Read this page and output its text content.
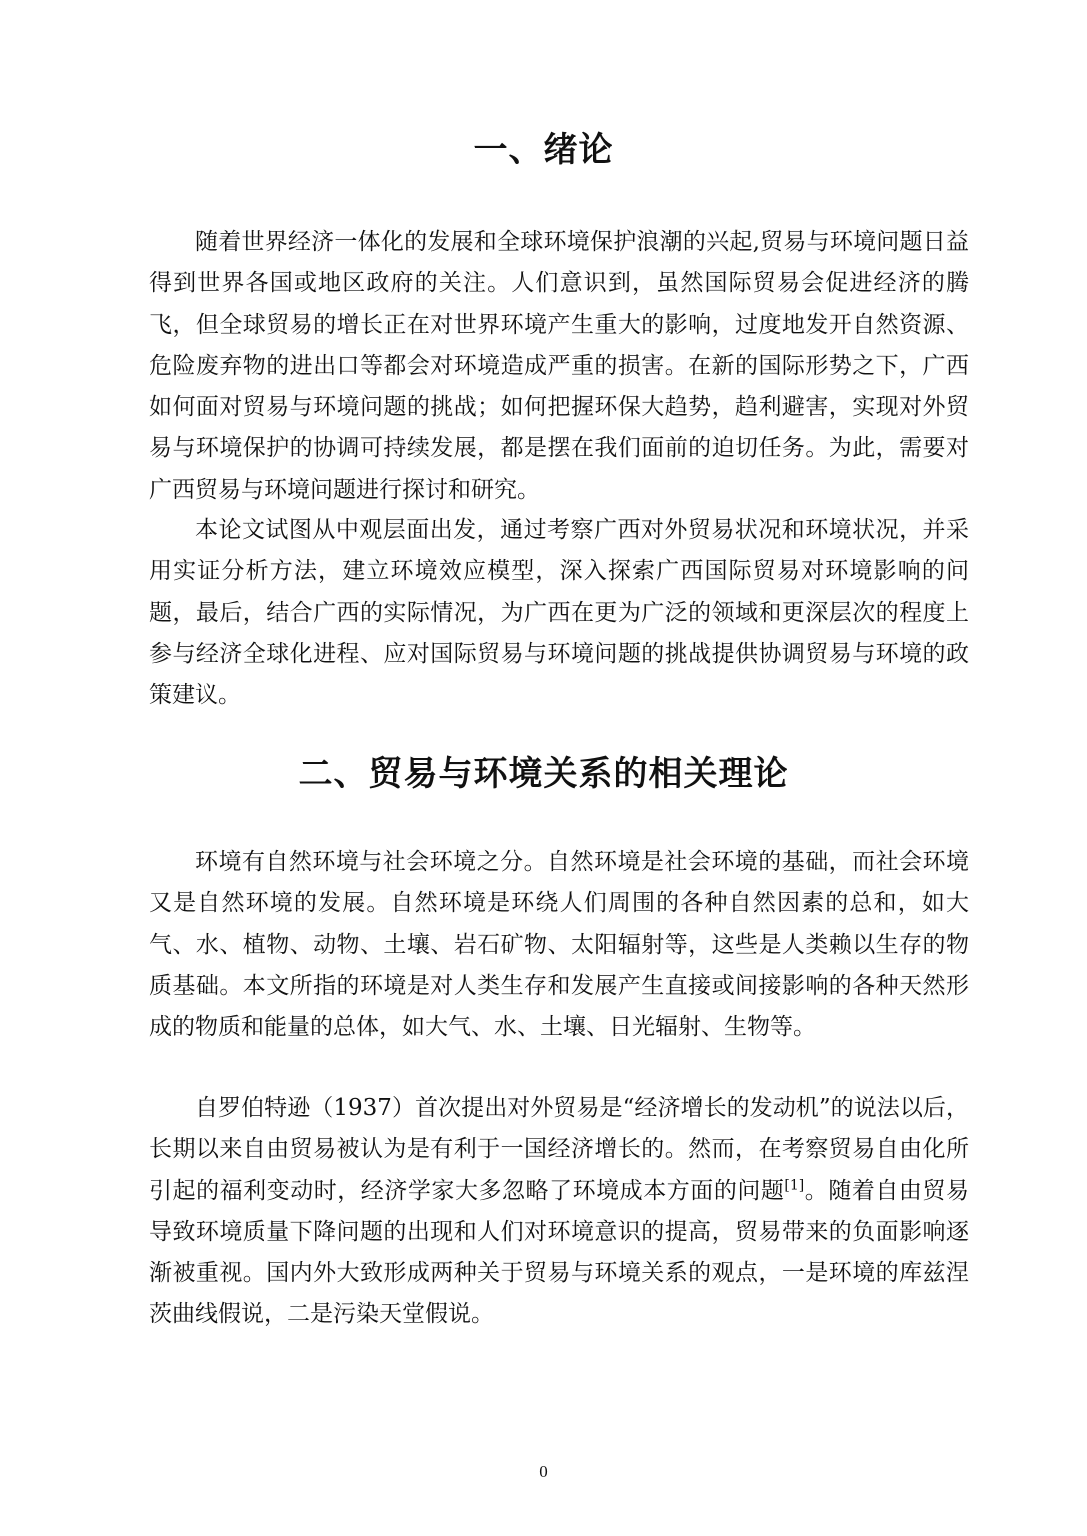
一、绪论

随着世界经济一体化的发展和全球环境保护浪潮的兴起,贸易与环境问题日益得到世界各国或地区政府的关注。人们意识到，虽然国际贸易会促进经济的腾飞，但全球贸易的增长正在对世界环境产生重大的影响，过度地发开自然资源、危险废弃物的进出口等都会对环境造成严重的损害。在新的国际形势之下，广西如何面对贸易与环境问题的挑战；如何把握环保大趋势，趋利避害，实现对外贸易与环境保护的协调可持续发展，都是摆在我们面前的迫切任务。为此，需要对广西贸易与环境问题进行探讨和研究。

本论文试图从中观层面出发，通过考察广西对外贸易状况和环境状况，并采用实证分析方法，建立环境效应模型，深入探索广西国际贸易对环境影响的问题，最后，结合广西的实际情况，为广西在更为广泛的领域和更深层次的程度上参与经济全球化进程、应对国际贸易与环境问题的挑战提供协调贸易与环境的政策建议。

二、贸易与环境关系的相关理论

环境有自然环境与社会环境之分。自然环境是社会环境的基础，而社会环境又是自然环境的发展。自然环境是环绕人们周围的各种自然因素的总和，如大气、水、植物、动物、土壤、岩石矿物、太阳辐射等，这些是人类赖以生存的物质基础。本文所指的环境是对人类生存和发展产生直接或间接影响的各种天然形成的物质和能量的总体，如大气、水、土壤、日光辐射、生物等。

自罗伯特逊（1937）首次提出对外贸易是“经济增长的发动机”的说法以后，长期以来自由贸易被认为是有利于一国经济增长的。然而，在考察贸易自由化所引起的福利变动时，经济学家大多忽略了环境成本方面的问题[1]。随着自由贸易导致环境质量下降问题的出现和人们对环境意识的提高，贸易带来的负面影响逐渐被重视。国内外大致形成两种关于贸易与环境关系的观点，一是环境的库兹涅茨曲线假说，二是污染天堂假说。

0
